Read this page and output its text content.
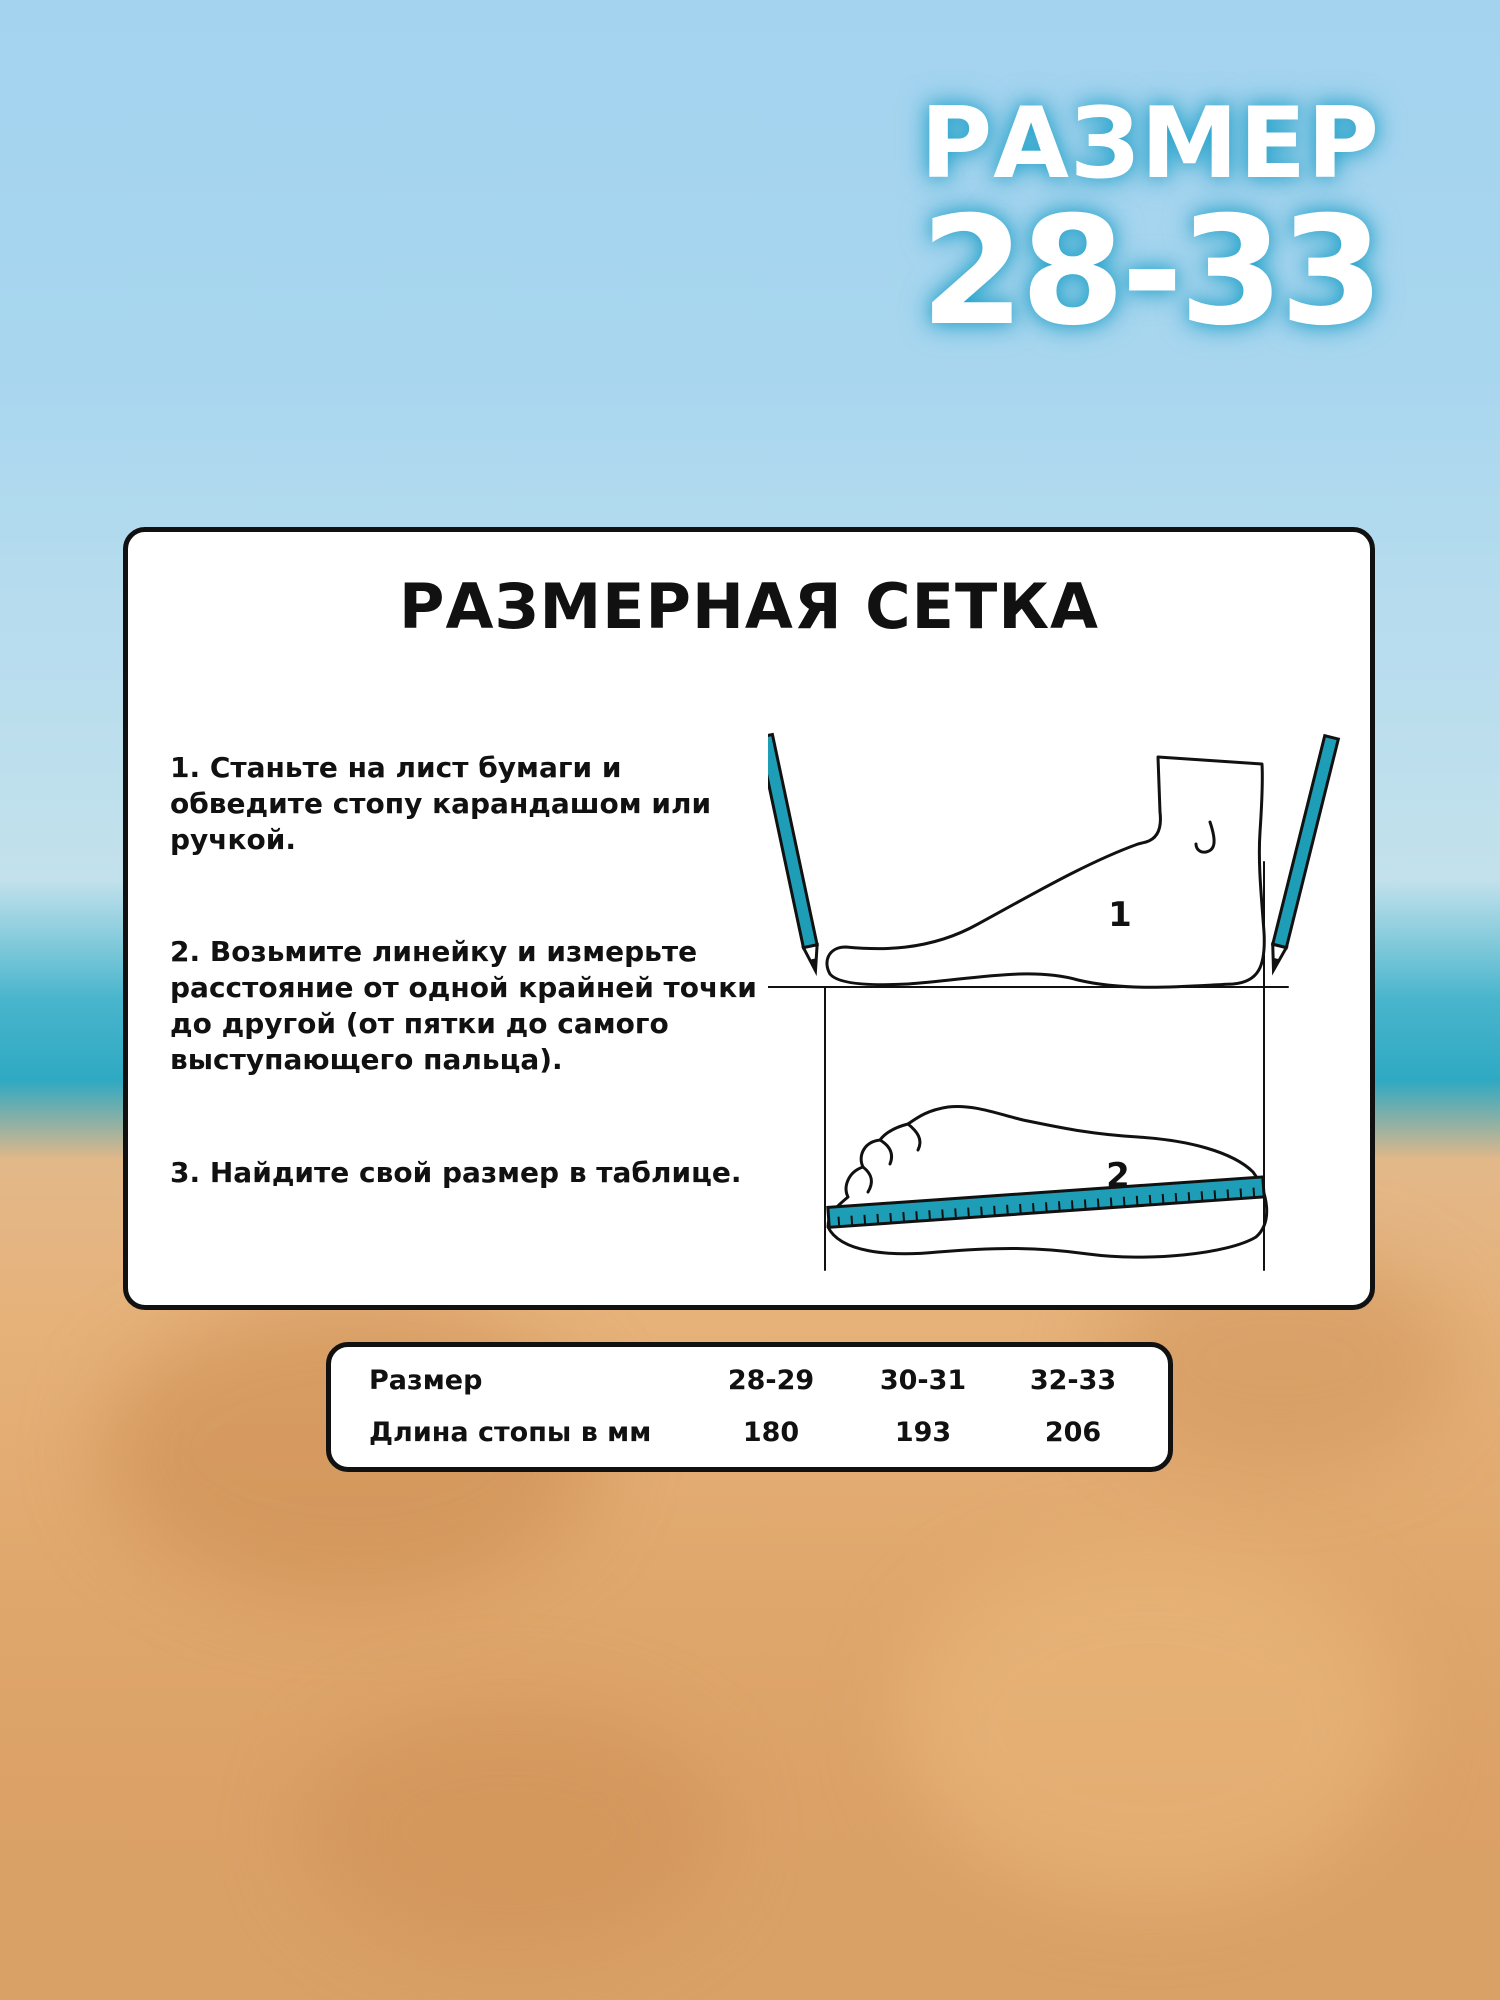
РАЗМЕР
28-33
РАЗМЕРНАЯ СЕТКА
1. Станьте на лист бумаги и обведите стопу карандашом или ручкой.
2. Возьмите линейку и измерьте расстояние от одной крайней точки до другой (от пятки до самого выступающего пальца).
3. Найдите свой размер в таблице.
1
2
Размер	28-29 30-31 32-33
Длина стопы в мм	180	193	206
